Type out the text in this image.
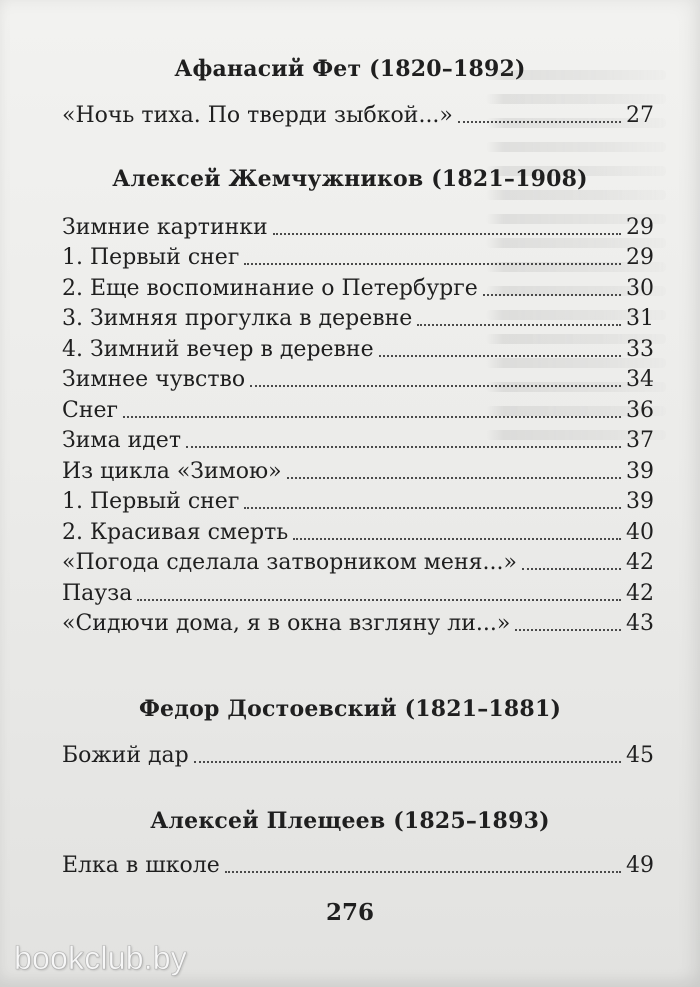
Афанасий Фет (1820–1892)
«Ночь тиха. По тверди зыбкой...»	27
Алексей Жемчужников (1821–1908)
Зимние картинки	29
1. Первый снег	29
2. Еще воспоминание о Петербурге	30
3. Зимняя прогулка в деревне	31
4. Зимний вечер в деревне	33
Зимнее чувство	34
Снег	36
Зима идет	37
Из цикла «Зимою»	39
1. Первый снег	39
2. Красивая смерть	40
«Погода сделала затворником меня...»	42
Пауза	42
«Сидючи дома, я в окна взгляну ли...»	43
Федор Достоевский (1821–1881)
Божий дар	45
Алексей Плещеев (1825–1893)
Елка в школе	49
276
bookclub.by
